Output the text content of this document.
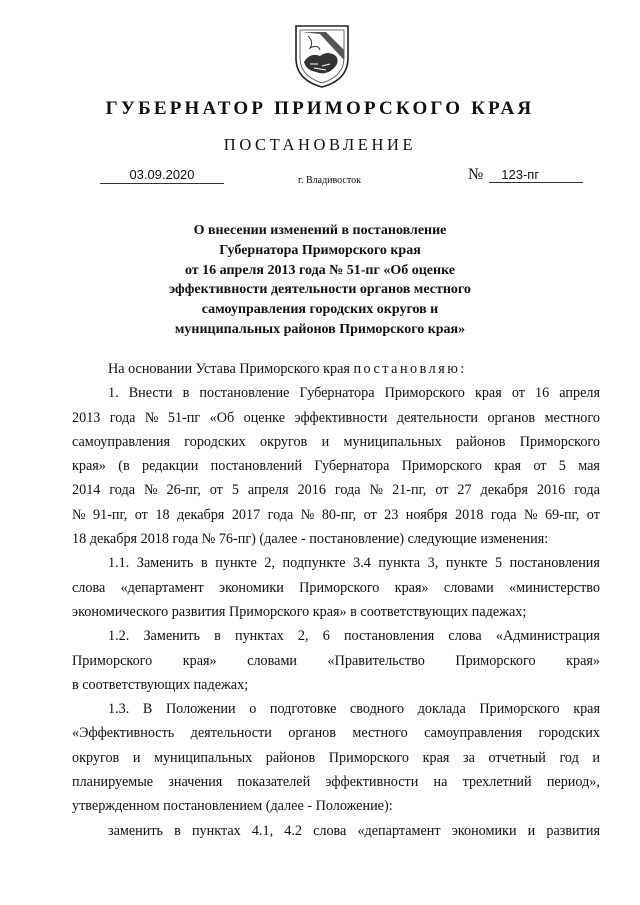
ГУБЕРНАТОР ПРИМОРСКОГО КРАЯ
ПОСТАНОВЛЕНИЕ
03.09.2020	г. Владивосток	№ 123-пг
О внесении изменений в постановление
Губернатора Приморского края
от 16 апреля 2013 года № 51-пг «Об оценке
эффективности деятельности органов местного
самоуправления городских округов и
муниципальных районов Приморского края»

На основании Устава Приморского края постановляю:

1. Внести в постановление Губернатора Приморского края от 16 апреля
2013 года № 51-пг «Об оценке эффективности деятельности органов местного
самоуправления городских округов и муниципальных районов Приморского
края» (в редакции постановлений Губернатора Приморского края от 5 мая
2014 года № 26-пг, от 5 апреля 2016 года № 21-пг, от 27 декабря 2016 года
№ 91-пг, от 18 декабря 2017 года № 80-пг, от 23 ноября 2018 года № 69-пг, от
18 декабря 2018 года № 76-пг) (далее - постановление) следующие изменения:
1.1. Заменить в пункте 2, подпункте 3.4 пункта 3, пункте 5 постановления
слова «департамент экономики Приморского края» словами «министерство
экономического развития Приморского края» в соответствующих падежах;
1.2. Заменить в пунктах 2, 6 постановления слова «Администрация
Приморского края» словами «Правительство Приморского края»
в соответствующих падежах;
1.3. В Положении о подготовке сводного доклада Приморского края
«Эффективность деятельности органов местного самоуправления городских
округов и муниципальных районов Приморского края за отчетный год и
планируемые значения показателей эффективности на трехлетний период»,
утвержденном постановлением (далее - Положение):
заменить в пунктах 4.1, 4.2 слова «департамент экономики и развития
